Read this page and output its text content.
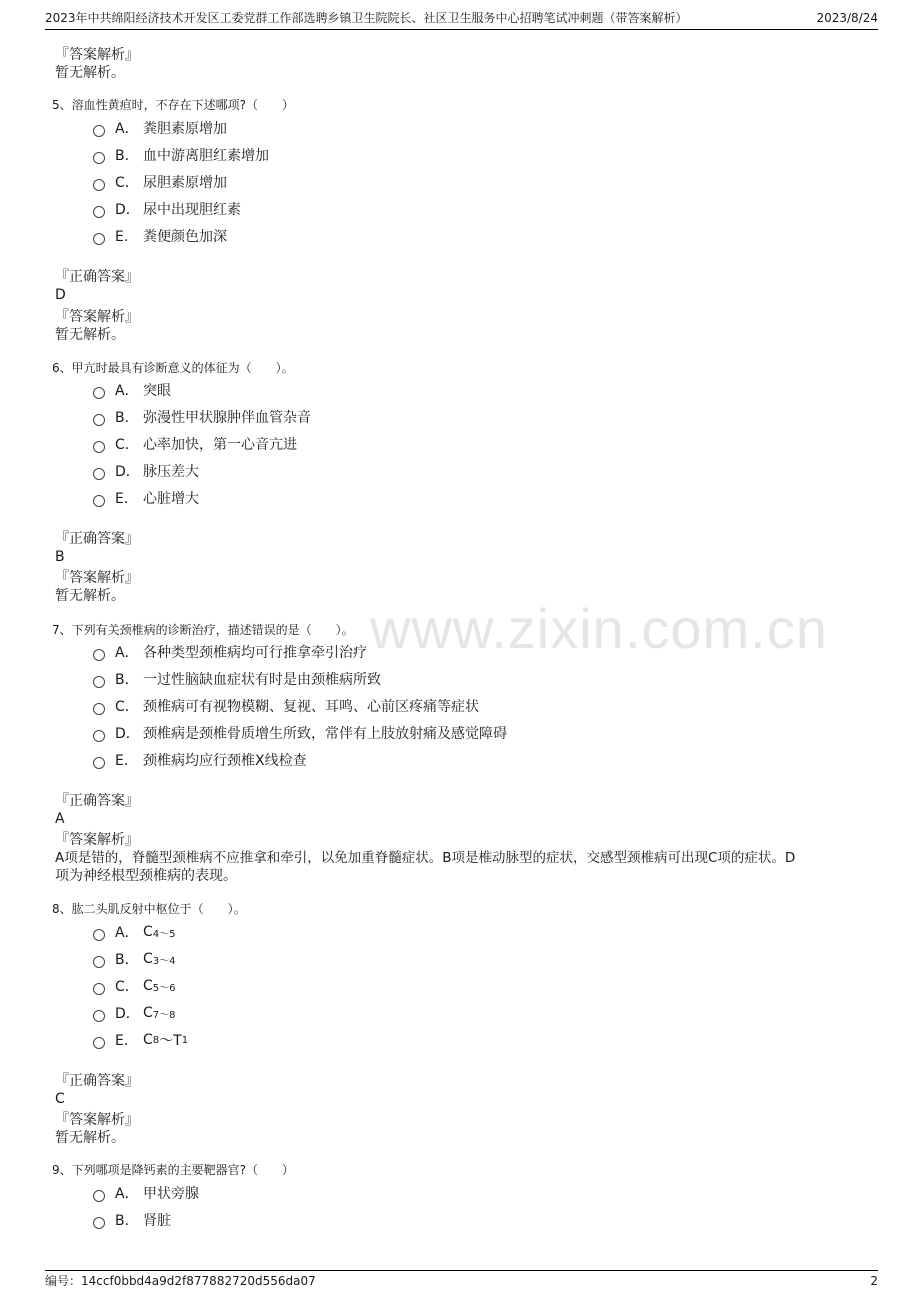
2023年中共绵阳经济技术开发区工委党群工作部选聘乡镇卫生院院长、社区卫生服务中心招聘笔试冲刺题（带答案解析）	2023/8/24
www.zixin.com.cn

『答案解析』

暂无解析。

5、溶血性黄疸时，不存在下述哪项?（　　）
A． 粪胆素原增加
B． 血中游离胆红素增加
C． 尿胆素原增加
D． 尿中出现胆红素
E． 粪便颜色加深

『正确答案』

D

『答案解析』

暂无解析。

6、甲亢时最具有诊断意义的体征为（　　）。
A． 突眼
B． 弥漫性甲状腺肿伴血管杂音
C． 心率加快，第一心音亢进
D． 脉压差大
E． 心脏增大

『正确答案』

B

『答案解析』

暂无解析。

7、下列有关颈椎病的诊断治疗，描述错误的是（　　）。
A． 各种类型颈椎病均可行推拿牵引治疗
B． 一过性脑缺血症状有时是由颈椎病所致
C． 颈椎病可有视物模糊、复视、耳鸣、心前区疼痛等症状
D． 颈椎病是颈椎骨质增生所致，常伴有上肢放射痛及感觉障碍
E． 颈椎病均应行颈椎X线检查

『正确答案』

A

『答案解析』

A项是错的，脊髓型颈椎病不应推拿和牵引，以免加重脊髓症状。B项是椎动脉型的症状，交感型颈椎病可出现C项的症状。D

项为神经根型颈椎病的表现。

8、肱二头肌反射中枢位于（　　）。
A． C 4～5
B． C 3～4
C． C 5～6
D． C 7～8
E． C 8 ～T 1

『正确答案』

C

『答案解析』

暂无解析。

9、下列哪项是降钙素的主要靶器官?（　　）
A． 甲状旁腺
B． 肾脏
编号：14ccf0bbd4a9d2f877882720d556da07	2
